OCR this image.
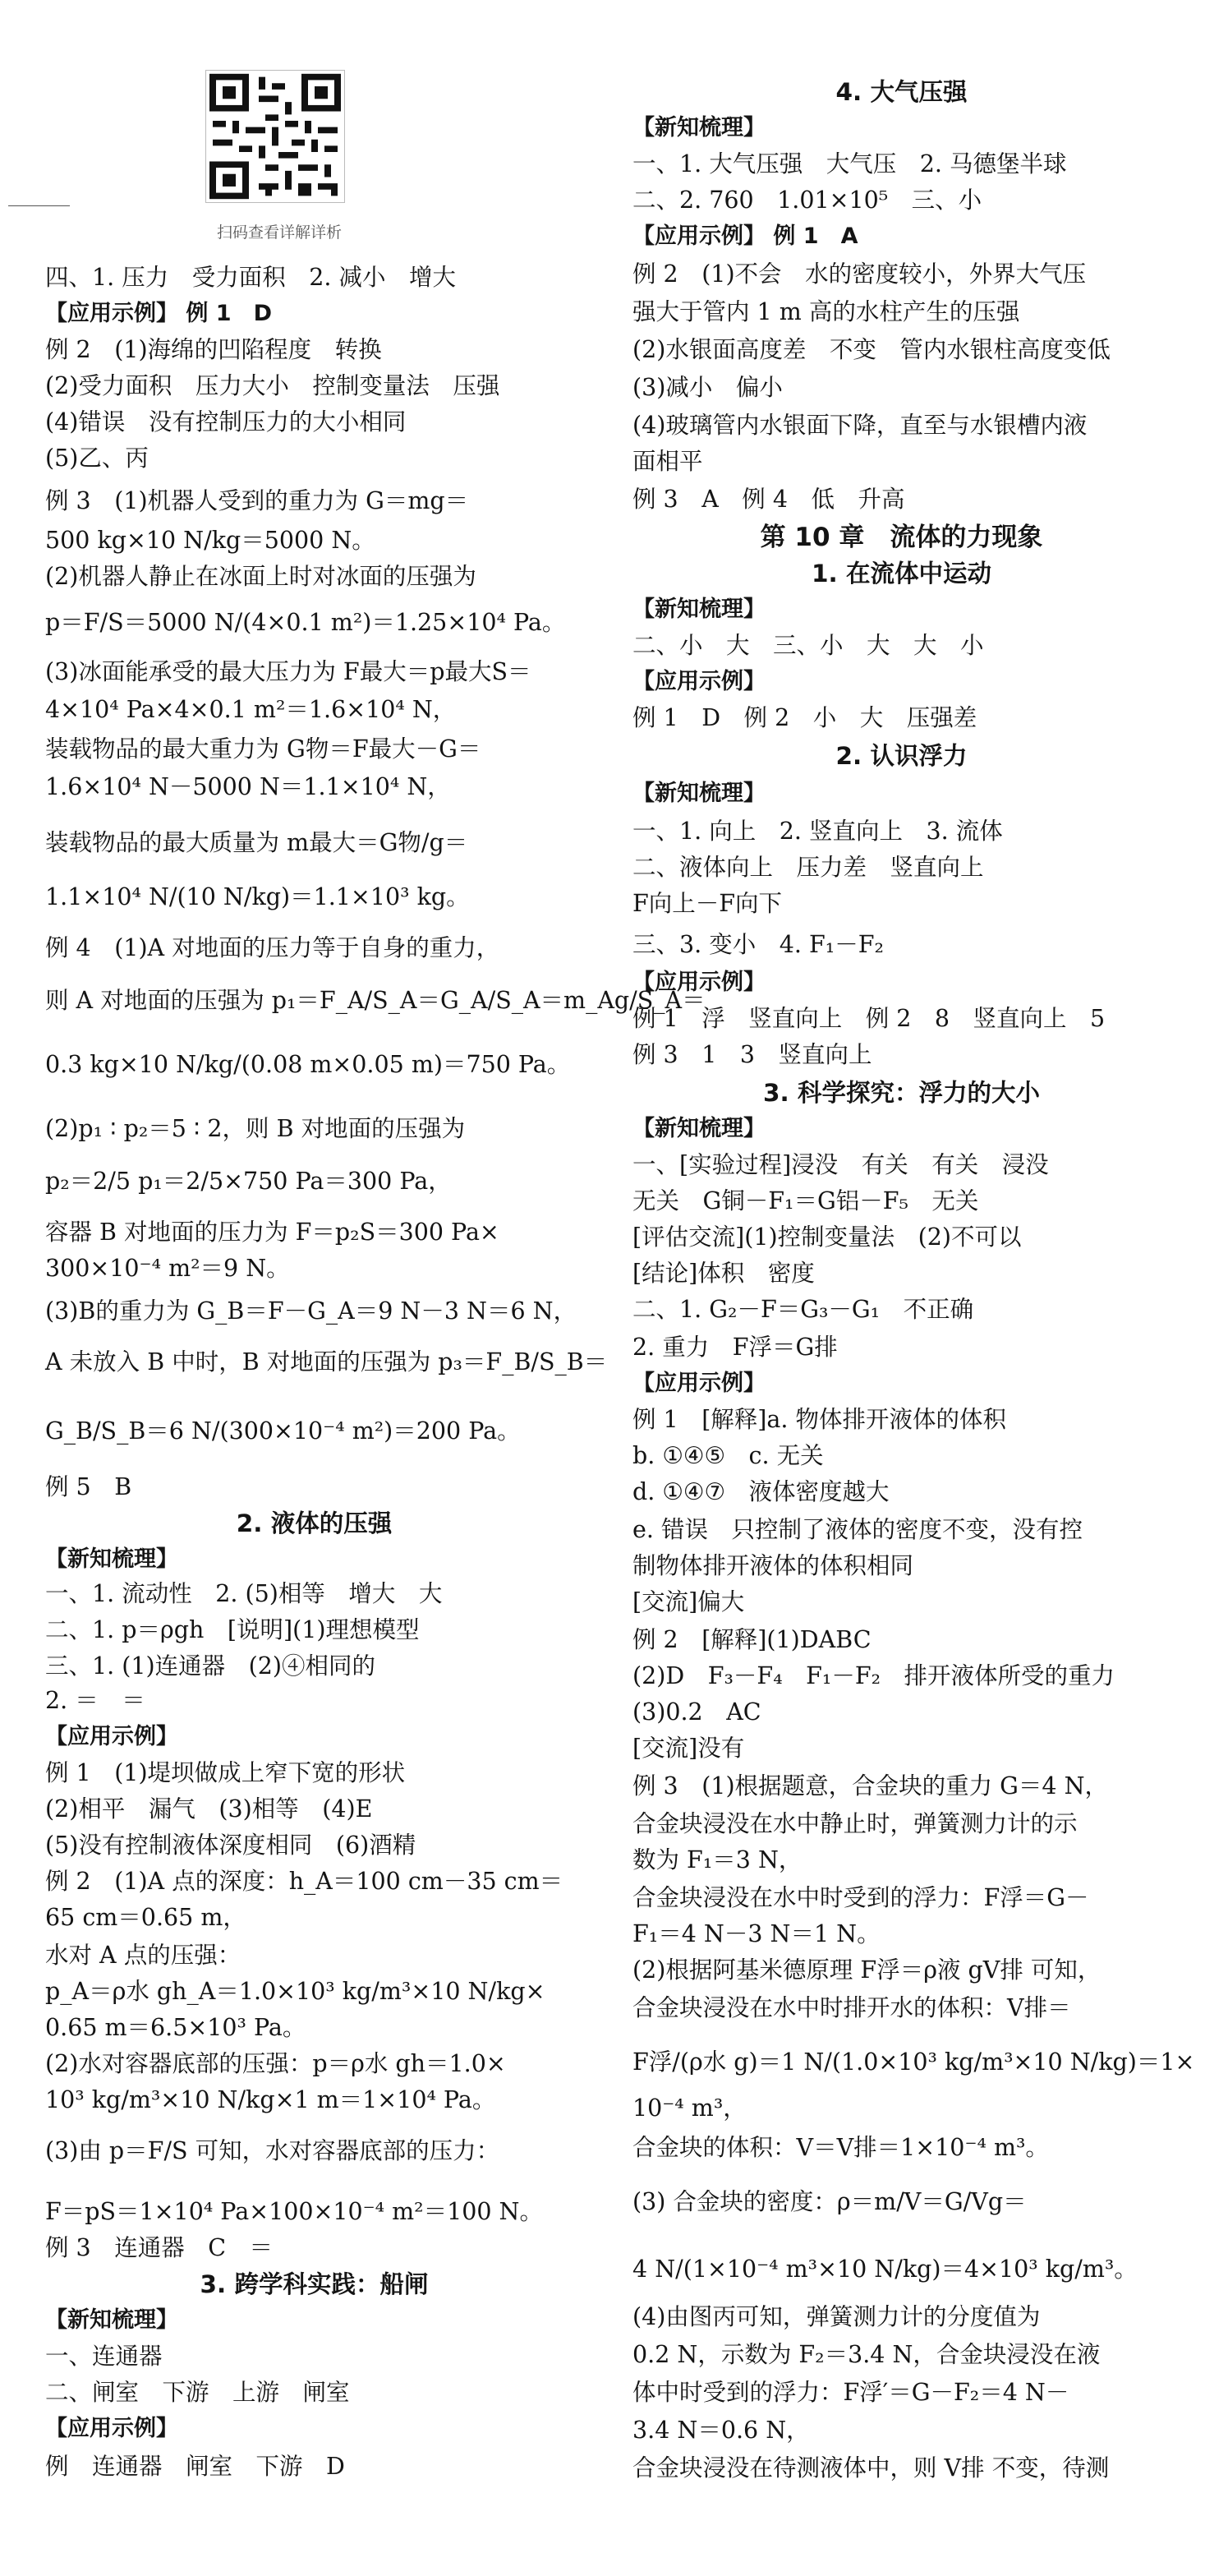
扫码查看详解详析
四、1. 压力　受力面积　2. 减小　增大
【应用示例】 例 1　D
例 2　(1)海绵的凹陷程度　转换
(2)受力面积　压力大小　控制变量法　压强
(4)错误　没有控制压力的大小相同
(5)乙、丙
例 3　(1)机器人受到的重力为 G＝mg＝
500 kg×10 N/kg＝5000 N。
(2)机器人静止在冰面上时对冰面的压强为
p＝F/S＝5000 N/(4×0.1 m²)＝1.25×10⁴ Pa。
(3)冰面能承受的最大压力为 F最大＝p最大S＝
4×10⁴ Pa×4×0.1 m²＝1.6×10⁴ N，
装载物品的最大重力为 G物＝F最大－G＝
1.6×10⁴ N－5000 N＝1.1×10⁴ N，
装载物品的最大质量为 m最大＝G物/g＝
1.1×10⁴ N/(10 N/kg)＝1.1×10³ kg。
例 4　(1)A 对地面的压力等于自身的重力，
则 A 对地面的压强为 p₁＝F_A/S_A＝G_A/S_A＝m_Ag/S_A＝
0.3 kg×10 N/kg/(0.08 m×0.05 m)＝750 Pa。
(2)p₁ ∶ p₂＝5 ∶ 2，则 B 对地面的压强为
p₂＝2/5 p₁＝2/5×750 Pa＝300 Pa，
容器 B 对地面的压力为 F＝p₂S＝300 Pa×
300×10⁻⁴ m²＝9 N。
(3)B的重力为 G_B＝F－G_A＝9 N－3 N＝6 N，
A 未放入 B 中时，B 对地面的压强为 p₃＝F_B/S_B＝
G_B/S_B＝6 N/(300×10⁻⁴ m²)＝200 Pa。
例 5　B
2. 液体的压强
【新知梳理】
一、1. 流动性　2. (5)相等　增大　大
二、1. p＝ρgh　[说明](1)理想模型
三、1. (1)连通器　(2)④相同的
2. ＝　＝
【应用示例】
例 1　(1)堤坝做成上窄下宽的形状
(2)相平　漏气　(3)相等　(4)E
(5)没有控制液体深度相同　(6)酒精
例 2　(1)A 点的深度：h_A＝100 cm－35 cm＝
65 cm＝0.65 m，
水对 A 点的压强：
p_A＝ρ水 gh_A＝1.0×10³ kg/m³×10 N/kg×
0.65 m＝6.5×10³ Pa。
(2)水对容器底部的压强：p＝ρ水 gh＝1.0×
10³ kg/m³×10 N/kg×1 m＝1×10⁴ Pa。
(3)由 p＝F/S 可知，水对容器底部的压力：
F＝pS＝1×10⁴ Pa×100×10⁻⁴ m²＝100 N。
例 3　连通器　C　＝
3. 跨学科实践：船闸
【新知梳理】
一、连通器
二、闸室　下游　上游　闸室
【应用示例】
例　连通器　闸室　下游　D
4. 大气压强
【新知梳理】
一、1. 大气压强　大气压　2. 马德堡半球
二、2. 760　1.01×10⁵　三、小
【应用示例】 例 1　A
例 2　(1)不会　水的密度较小，外界大气压
强大于管内 1 m 高的水柱产生的压强
(2)水银面高度差　不变　管内水银柱高度变低
(3)减小　偏小
(4)玻璃管内水银面下降，直至与水银槽内液
面相平
例 3　A　例 4　低　升高
第 10 章　流体的力现象
1. 在流体中运动
【新知梳理】
二、小　大　三、小　大　大　小
【应用示例】
例 1　D　例 2　小　大　压强差
2. 认识浮力
【新知梳理】
一、1. 向上　2. 竖直向上　3. 流体
二、液体向上　压力差　竖直向上
F向上－F向下
三、3. 变小　4. F₁－F₂
【应用示例】
例 1　浮　竖直向上　例 2　8　竖直向上　5
例 3　1　3　竖直向上
3. 科学探究：浮力的大小
【新知梳理】
一、[实验过程]浸没　有关　有关　浸没
无关　G铜－F₁＝G铝－F₅　无关
[评估交流](1)控制变量法　(2)不可以
[结论]体积　密度
二、1. G₂－F＝G₃－G₁　不正确
2. 重力　F浮＝G排
【应用示例】
例 1　[解释]a. 物体排开液体的体积
b. ①④⑤　c. 无关
d. ①④⑦　液体密度越大
e. 错误　只控制了液体的密度不变，没有控
制物体排开液体的体积相同
[交流]偏大
例 2　[解释](1)DABC
(2)D　F₃－F₄　F₁－F₂　排开液体所受的重力
(3)0.2　AC
[交流]没有
例 3　(1)根据题意，合金块的重力 G＝4 N，
合金块浸没在水中静止时，弹簧测力计的示
数为 F₁＝3 N，
合金块浸没在水中时受到的浮力：F浮＝G－
F₁＝4 N－3 N＝1 N。
(2)根据阿基米德原理 F浮＝ρ液 gV排 可知，
合金块浸没在水中时排开水的体积：V排＝
F浮/(ρ水 g)＝1 N/(1.0×10³ kg/m³×10 N/kg)＝1×
10⁻⁴ m³，
合金块的体积：V＝V排＝1×10⁻⁴ m³。
(3) 合金块的密度：ρ＝m/V＝G/Vg＝
4 N/(1×10⁻⁴ m³×10 N/kg)＝4×10³ kg/m³。
(4)由图丙可知，弹簧测力计的分度值为
0.2 N，示数为 F₂＝3.4 N，合金块浸没在液
体中时受到的浮力：F浮′＝G－F₂＝4 N－
3.4 N＝0.6 N，
合金块浸没在待测液体中，则 V排 不变，待测
